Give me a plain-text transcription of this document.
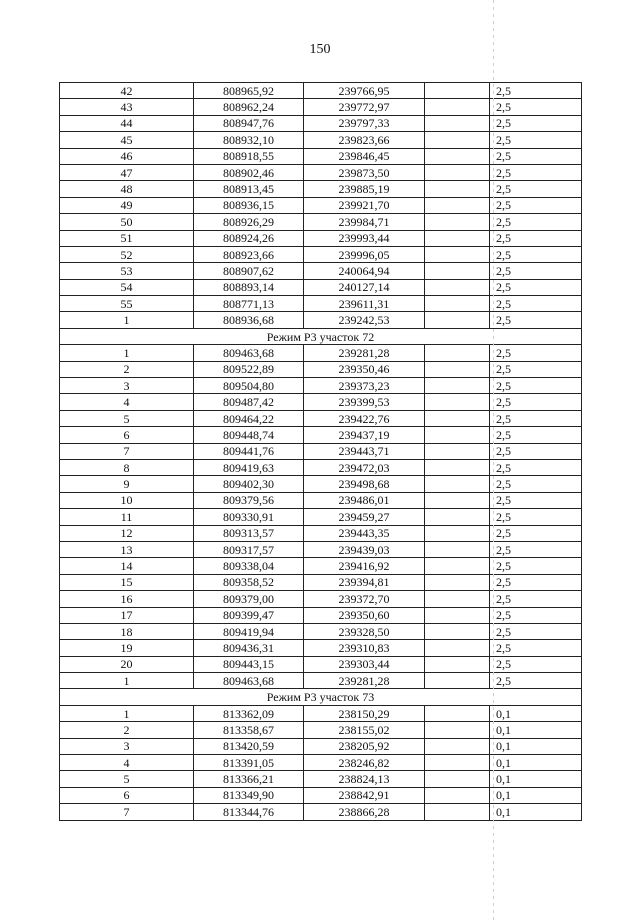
150
42	808965,92	239766,95		2,5
43	808962,24	239772,97		2,5
44	808947,76	239797,33		2,5
45	808932,10	239823,66		2,5
46	808918,55	239846,45		2,5
47	808902,46	239873,50		2,5
48	808913,45	239885,19		2,5
49	808936,15	239921,70		2,5
50	808926,29	239984,71		2,5
51	808924,26	239993,44		2,5
52	808923,66	239996,05		2,5
53	808907,62	240064,94		2,5
54	808893,14	240127,14		2,5
55	808771,13	239611,31		2,5
1	808936,68	239242,53		2,5
Режим Р3 участок 72				
1	809463,68	239281,28		2,5
2	809522,89	239350,46		2,5
3	809504,80	239373,23		2,5
4	809487,42	239399,53		2,5
5	809464,22	239422,76		2,5
6	809448,74	239437,19		2,5
7	809441,76	239443,71		2,5
8	809419,63	239472,03		2,5
9	809402,30	239498,68		2,5
10	809379,56	239486,01		2,5
11	809330,91	239459,27		2,5
12	809313,57	239443,35		2,5
13	809317,57	239439,03		2,5
14	809338,04	239416,92		2,5
15	809358,52	239394,81		2,5
16	809379,00	239372,70		2,5
17	809399,47	239350,60		2,5
18	809419,94	239328,50		2,5
19	809436,31	239310,83		2,5
20	809443,15	239303,44		2,5
1	809463,68	239281,28		2,5
Режим Р3 участок 73				
1	813362,09	238150,29		0,1
2	813358,67	238155,02		0,1
3	813420,59	238205,92		0,1
4	813391,05	238246,82		0,1
5	813366,21	238824,13		0,1
6	813349,90	238842,91		0,1
7	813344,76	238866,28		0,1
